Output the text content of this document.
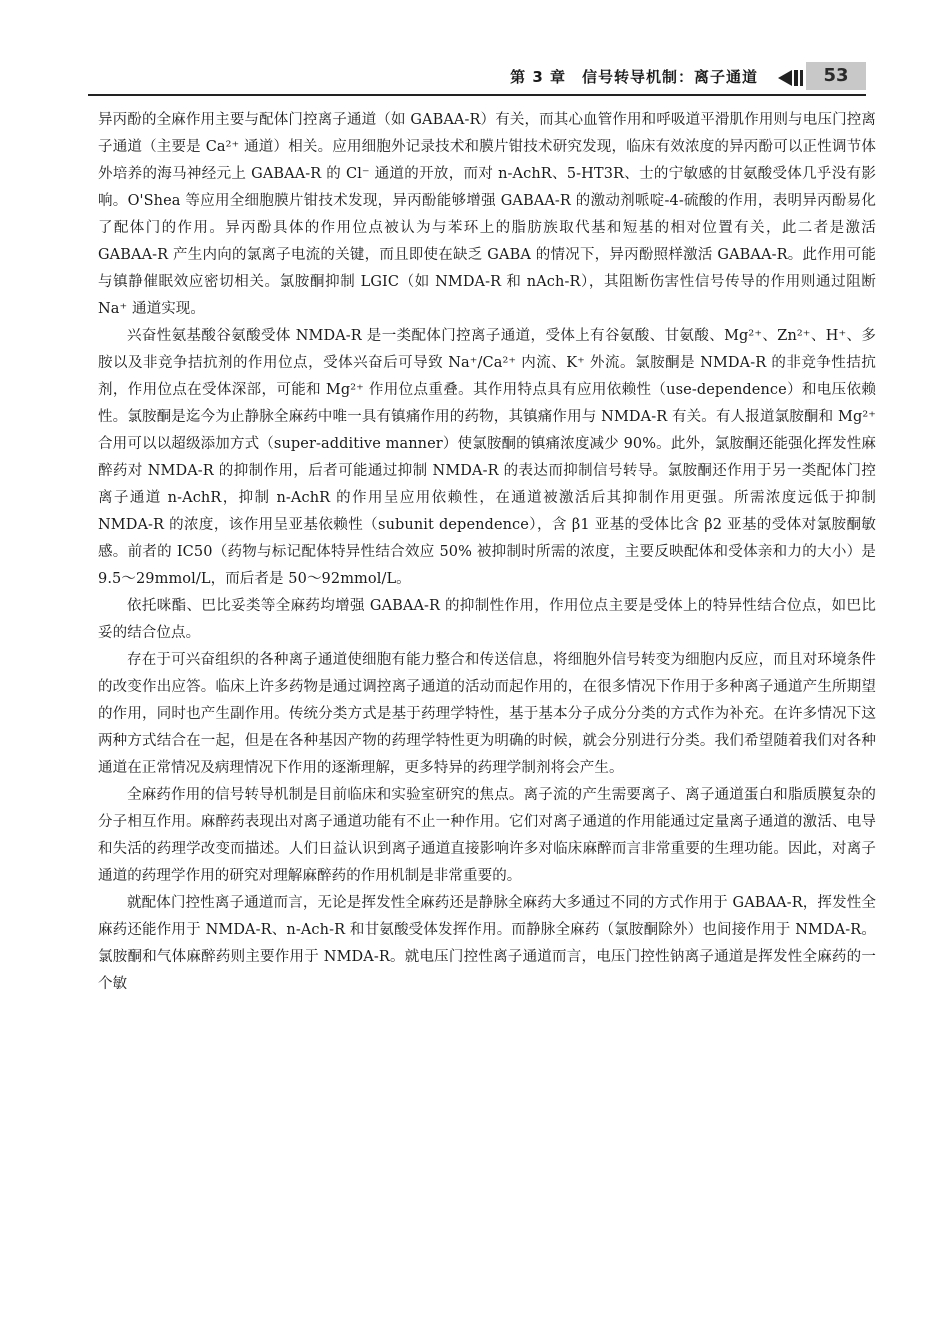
第 3 章　信号转导机制：离子通道	53

异丙酚的全麻作用主要与配体门控离子通道（如 GABAA-R）有关，而其心血管作用和呼吸道平滑肌作用则与电压门控离子通道（主要是 Ca²⁺ 通道）相关。应用细胞外记录技术和膜片钳技术研究发现，临床有效浓度的异丙酚可以正性调节体外培养的海马神经元上 GABAA-R 的 Cl⁻ 通道的开放，而对 n-AchR、5-HT3R、士的宁敏感的甘氨酸受体几乎没有影响。O'Shea 等应用全细胞膜片钳技术发现，异丙酚能够增强 GABAA-R 的激动剂哌啶-4-硫酸的作用，表明异丙酚易化了配体门的作用。异丙酚具体的作用位点被认为与苯环上的脂肪族取代基和短基的相对位置有关，此二者是激活 GABAA-R 产生内向的氯离子电流的关键，而且即使在缺乏 GABA 的情况下，异丙酚照样激活 GABAA-R。此作用可能与镇静催眠效应密切相关。氯胺酮抑制 LGIC（如 NMDA-R 和 nAch-R），其阻断伤害性信号传导的作用则通过阻断 Na⁺ 通道实现。

兴奋性氨基酸谷氨酸受体 NMDA-R 是一类配体门控离子通道，受体上有谷氨酸、甘氨酸、Mg²⁺、Zn²⁺、H⁺、多胺以及非竞争拮抗剂的作用位点，受体兴奋后可导致 Na⁺/Ca²⁺ 内流、K⁺ 外流。氯胺酮是 NMDA-R 的非竞争性拮抗剂，作用位点在受体深部，可能和 Mg²⁺ 作用位点重叠。其作用特点具有应用依赖性（use-dependence）和电压依赖性。氯胺酮是迄今为止静脉全麻药中唯一具有镇痛作用的药物，其镇痛作用与 NMDA-R 有关。有人报道氯胺酮和 Mg²⁺ 合用可以以超级添加方式（super-additive manner）使氯胺酮的镇痛浓度减少 90%。此外，氯胺酮还能强化挥发性麻醉药对 NMDA-R 的抑制作用，后者可能通过抑制 NMDA-R 的表达而抑制信号转导。氯胺酮还作用于另一类配体门控离子通道 n-AchR，抑制 n-AchR 的作用呈应用依赖性，在通道被激活后其抑制作用更强。所需浓度远低于抑制 NMDA-R 的浓度，该作用呈亚基依赖性（subunit dependence），含 β1 亚基的受体比含 β2 亚基的受体对氯胺酮敏感。前者的 IC50（药物与标记配体特异性结合效应 50% 被抑制时所需的浓度，主要反映配体和受体亲和力的大小）是 9.5～29mmol/L，而后者是 50～92mmol/L。

依托咪酯、巴比妥类等全麻药均增强 GABAA-R 的抑制性作用，作用位点主要是受体上的特异性结合位点，如巴比妥的结合位点。

存在于可兴奋组织的各种离子通道使细胞有能力整合和传送信息，将细胞外信号转变为细胞内反应，而且对环境条件的改变作出应答。临床上许多药物是通过调控离子通道的活动而起作用的，在很多情况下作用于多种离子通道产生所期望的作用，同时也产生副作用。传统分类方式是基于药理学特性，基于基本分子成分分类的方式作为补充。在许多情况下这两种方式结合在一起，但是在各种基因产物的药理学特性更为明确的时候，就会分别进行分类。我们希望随着我们对各种通道在正常情况及病理情况下作用的逐渐理解，更多特异的药理学制剂将会产生。

全麻药作用的信号转导机制是目前临床和实验室研究的焦点。离子流的产生需要离子、离子通道蛋白和脂质膜复杂的分子相互作用。麻醉药表现出对离子通道功能有不止一种作用。它们对离子通道的作用能通过定量离子通道的激活、电导和失活的药理学改变而描述。人们日益认识到离子通道直接影响许多对临床麻醉而言非常重要的生理功能。因此，对离子通道的药理学作用的研究对理解麻醉药的作用机制是非常重要的。

就配体门控性离子通道而言，无论是挥发性全麻药还是静脉全麻药大多通过不同的方式作用于 GABAA-R，挥发性全麻药还能作用于 NMDA-R、n-Ach-R 和甘氨酸受体发挥作用。而静脉全麻药（氯胺酮除外）也间接作用于 NMDA-R。氯胺酮和气体麻醉药则主要作用于 NMDA-R。就电压门控性离子通道而言，电压门控性钠离子通道是挥发性全麻药的一个敏
